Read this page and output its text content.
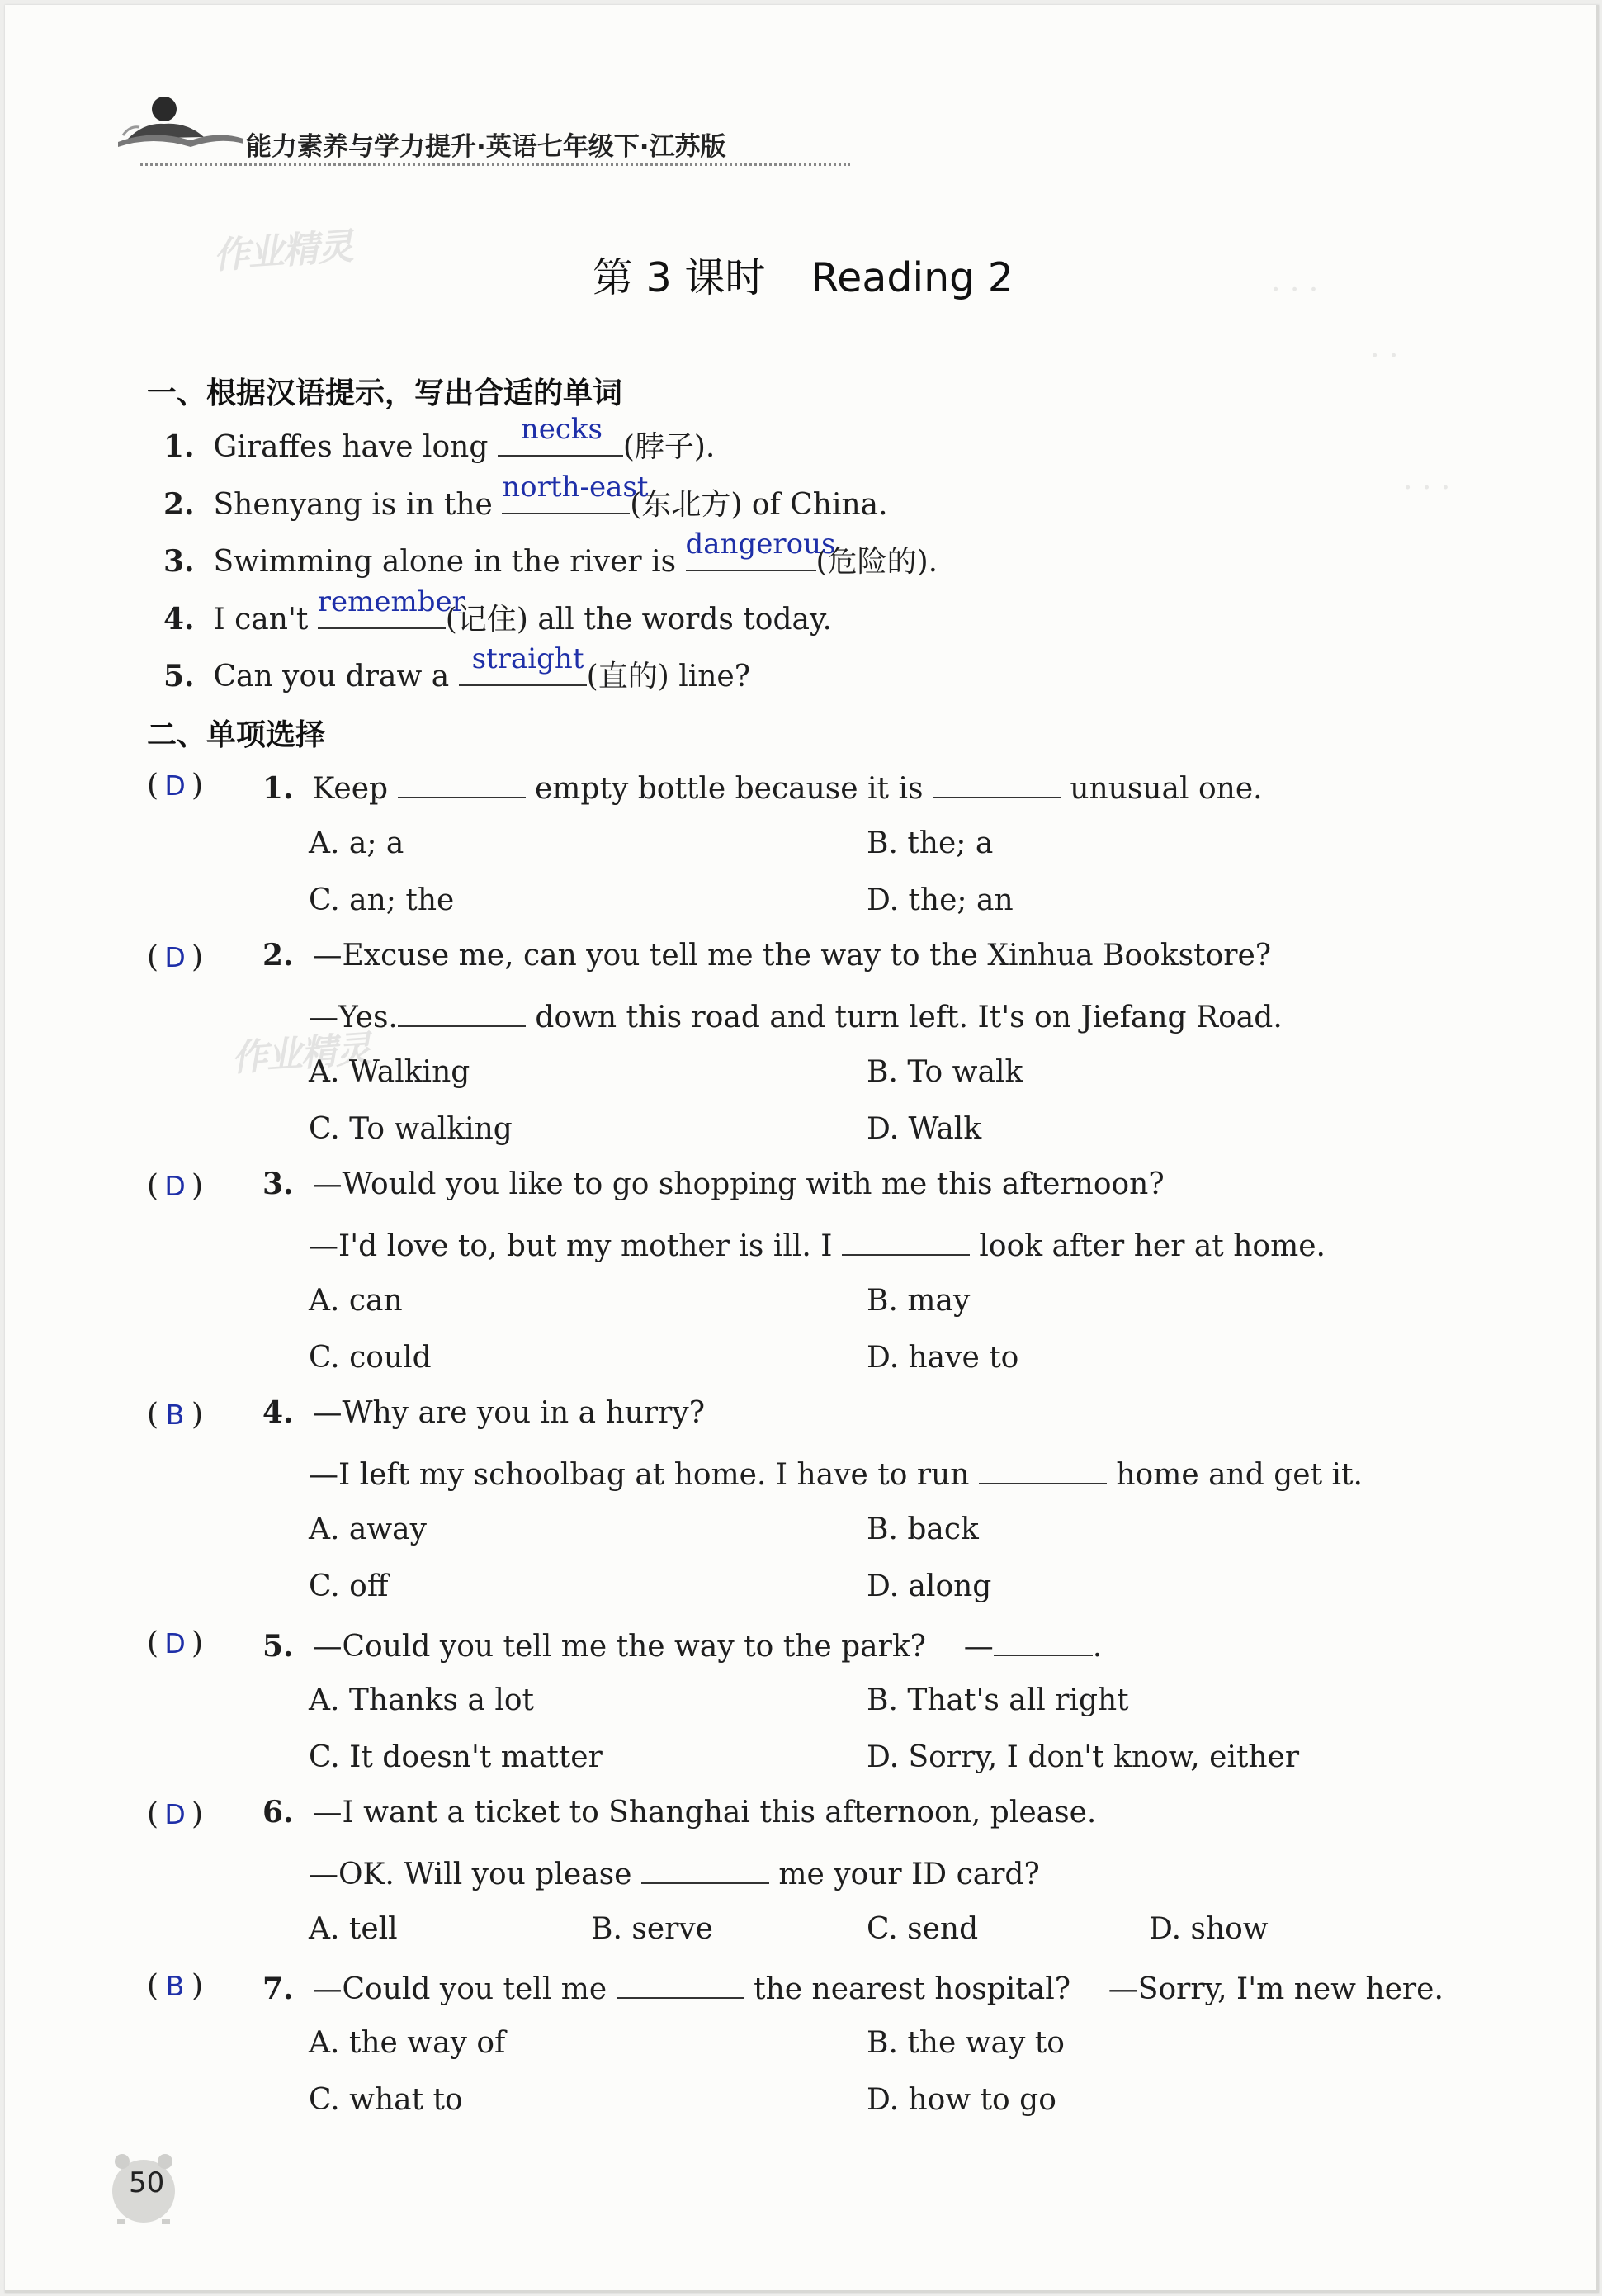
能力素养与学力提升·英语七年级下·江苏版
作业精灵
第 3 课时 Reading 2	. . .
. .
. . .
一、根据汉语提示，写出合适的单词
1. Giraffes have long
necks
(脖子).
2. Shenyang is in the
north-east
(东北方) of China.
3. Swimming alone in the river is
dangerous
(危险的).
4. I can't
remember
(记住) all the words today.
5. Can you draw a
straight
(直的) line?
二、单项选择
( D ) 1. Keep	empty bottle because it is	unusual one.
A. a; a	B. the; a
C. an; the	D. the; an
( D ) 2. —Excuse me, can you tell me the way to the Xinhua Bookstore?
—Yes.	down this road and turn left. It's on Jiefang Road.
作业精灵
A. Walking	B. To walk
C. To walking	D. Walk
( D ) 3. —Would you like to go shopping with me this afternoon?
—I'd love to, but my mother is ill. I	look after her at home.
A. can	B. may
C. could	D. have to
( B ) 4. —Why are you in a hurry?
—I left my schoolbag at home. I have to run	home and get it.
A. away	B. back
C. off	D. along
( D ) 5. —Could you tell me the way to the park? —	.
A. Thanks a lot	B. That's all right
C. It doesn't matter	D. Sorry, I don't know, either
( D ) 6. —I want a ticket to Shanghai this afternoon, please.
—OK. Will you please	me your ID card?
A. tell	B. serve	C. send	D. show
( B ) 7. —Could you tell me	the nearest hospital? —Sorry, I'm new here.
A. the way of	B. the way to
C. what to	D. how to go
50
